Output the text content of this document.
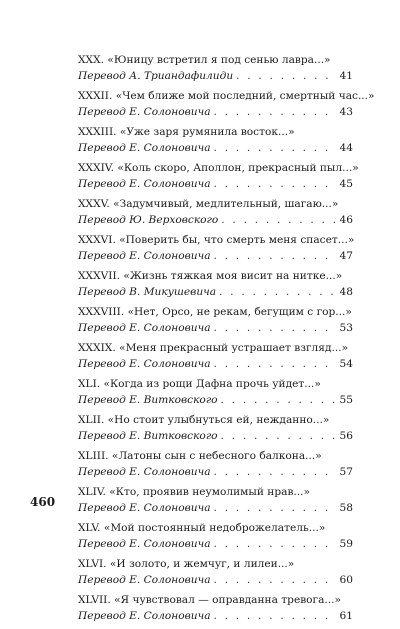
XXX. «Юницу встретил я под сенью лавра...»
Перевод А. Триандафилиди . . .	41
XXXII. «Чем ближе мой последний, смертный час...»
Перевод Е. Солоновича . . .	43
XXXIII. «Уже заря румянила восток...»
Перевод Е. Солоновича . . .	44
XXXIV. «Коль скоро, Аполлон, прекрасный пыл...»
Перевод Е. Солоновича . . .	45
XXXV. «Задумчивый, медлительный, шагаю...»
Перевод Ю. Верховского . . .	46
XXXVI. «Поверить бы, что смерть меня спасет...»
Перевод Е. Солоновича . . .	47
XXXVII. «Жизнь тяжкая моя висит на нитке...»
Перевод В. Микушевича . . .	48
XXXVIII. «Нет, Орсо, не рекам, бегущим с гор...»
Перевод Е. Солоновича . . .	53
XXXIX. «Меня прекрасный устрашает взгляд...»
Перевод Е. Солоновича . . .	54
XLI. «Когда из рощи Дафна прочь уйдет...»
Перевод Е. Витковского . . .	55
XLII. «Но стоит улыбнуться ей, нежданно...»
Перевод Е. Витковского . . .	56
XLIII. «Латоны сын с небесного балкона...»
Перевод Е. Солоновича . . .	57
XLIV. «Кто, проявив неумолимый нрав...»
Перевод Е. Солоновича . . .	58
XLV. «Мой постоянный недоброжелатель...»
Перевод Е. Солоновича . . .	59
XLVI. «И золото, и жемчуг, и лилеи...»
Перевод Е. Солоновича . . .	60
XLVII. «Я чувствовал — оправданна тревога...»
Перевод Е. Солоновича . . .	61
460
